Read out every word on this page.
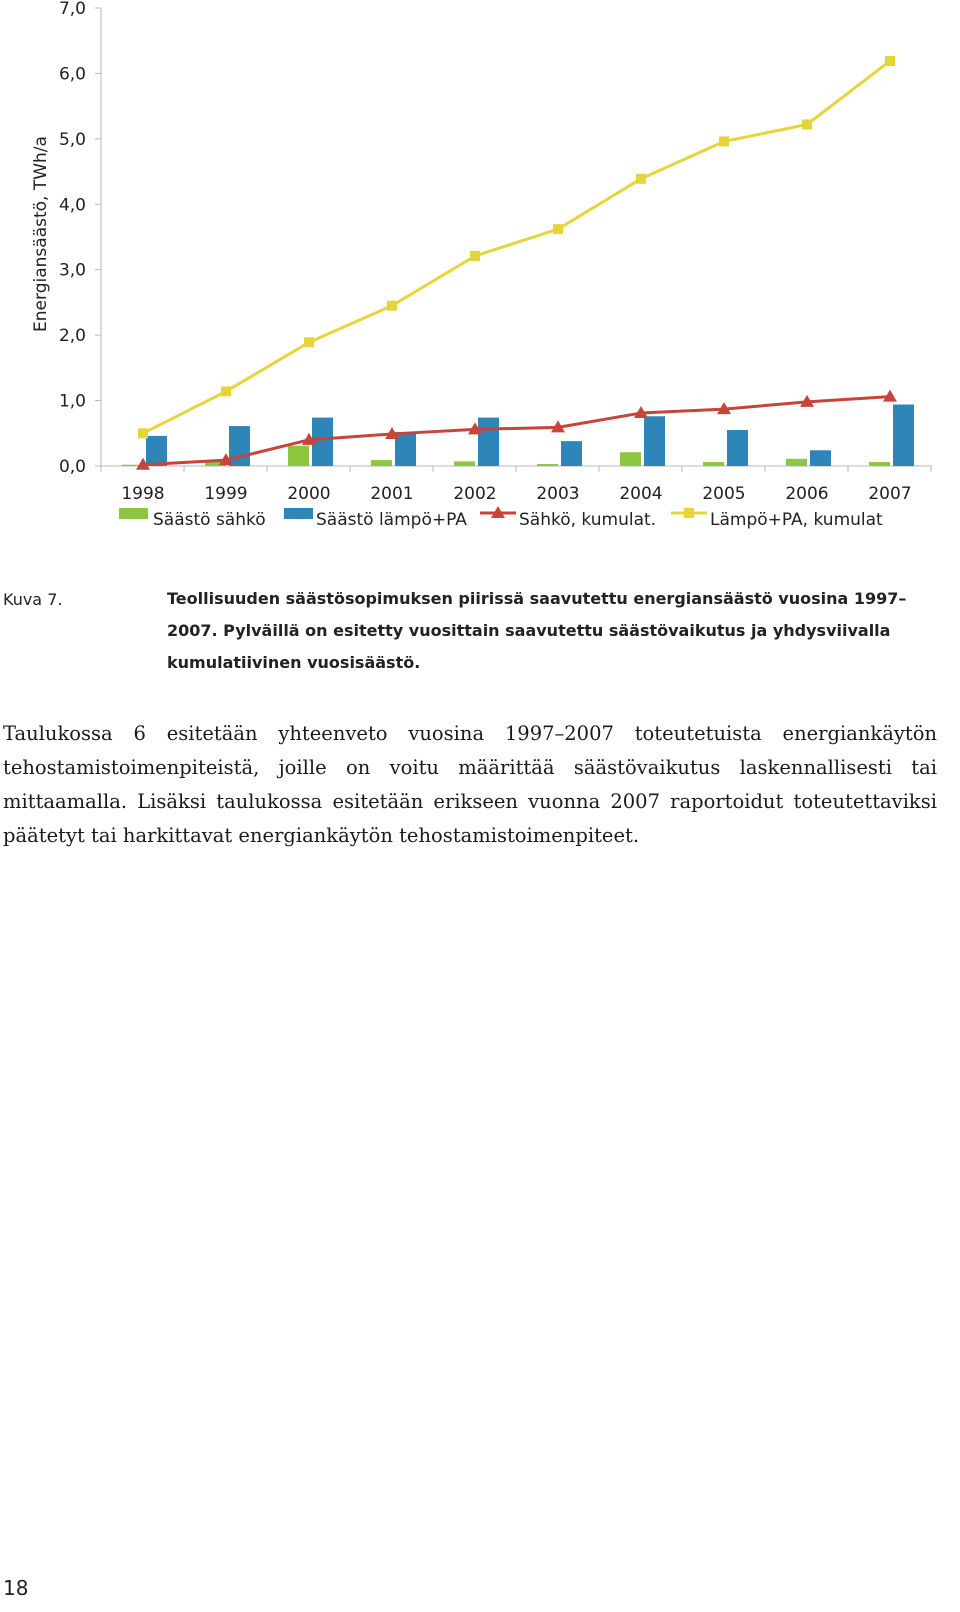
0,0
1,0
2,0
3,0
4,0
5,0
6,0
7,0
1998 1999 2000 2001 2002 2003 2004 2005 2006 2007
Energiansäästö, TWh/a
Säästö sähkö	Säästö lämpö+PA	Sähkö, kumulat.	Lämpö+PA, kumulat
Kuva 7.	Teollisuuden säästösopimuksen piirissä saavutettu energiansäästö vuosina 1997–2007. Pylväillä on esitetty vuosittain saavutettu säästövaikutus ja yhdysviivalla kumulatiivinen vuosisäästö.

Taulukossa 6 esitetään yhteenveto vuosina 1997–2007 toteutetuista energiankäytön tehostamistoimenpiteistä, joille on voitu määrittää säästövaikutus laskennallisesti tai mittaamalla. Lisäksi taulukossa esitetään erikseen vuonna 2007 raportoidut toteutettaviksi päätetyt tai harkittavat energiankäytön tehostamistoimenpiteet.

18
